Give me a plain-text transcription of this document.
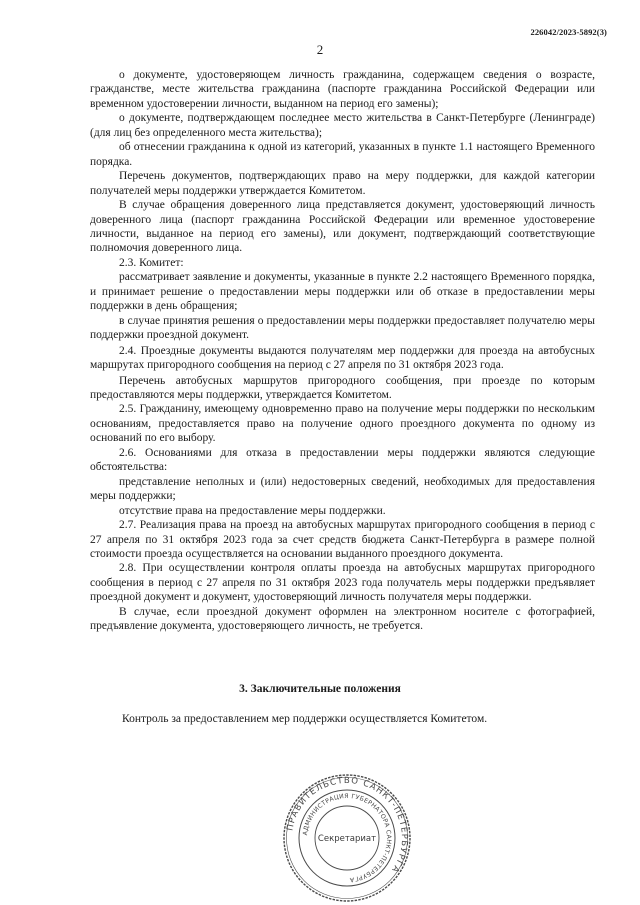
226042/2023-5892(3)
2

о документе, удостоверяющем личность гражданина, содержащем сведения о возрасте, гражданстве, месте жительства гражданина (паспорте гражданина Российской Федерации или временном удостоверении личности, выданном на период его замены);

о документе, подтверждающем последнее место жительства в Санкт-Петербурге (Ленинграде) (для лиц без определенного места жительства);

об отнесении гражданина к одной из категорий, указанных в пункте 1.1 настоящего Временного порядка.

Перечень документов, подтверждающих право на меру поддержки, для каждой категории получателей меры поддержки утверждается Комитетом.

В случае обращения доверенного лица представляется документ, удостоверяющий личность доверенного лица (паспорт гражданина Российской Федерации или временное удостоверение личности, выданное на период его замены), или документ, подтверждающий соответствующие полномочия доверенного лица.

2.3. Комитет:

рассматривает заявление и документы, указанные в пункте 2.2 настоящего Временного порядка, и принимает решение о предоставлении меры поддержки или об отказе в предоставлении меры поддержки в день обращения;

в случае принятия решения о предоставлении меры поддержки предоставляет получателю меры поддержки проездной документ.

2.4. Проездные документы выдаются получателям мер поддержки для проезда на автобусных маршрутах пригородного сообщения на период с 27 апреля по 31 октября 2023 года.

Перечень автобусных маршрутов пригородного сообщения, при проезде по которым предоставляются меры поддержки, утверждается Комитетом.

2.5. Гражданину, имеющему одновременно право на получение меры поддержки по нескольким основаниям, предоставляется право на получение одного проездного документа по одному из оснований по его выбору.

2.6. Основаниями для отказа в предоставлении меры поддержки являются следующие обстоятельства:

представление неполных и (или) недостоверных сведений, необходимых для предоставления меры поддержки;

отсутствие права на предоставление меры поддержки.

2.7. Реализация права на проезд на автобусных маршрутах пригородного сообщения в период с 27 апреля по 31 октября 2023 года за счет средств бюджета Санкт-Петербурга в размере полной стоимости проезда осуществляется на основании выданного проездного документа.

2.8. При осуществлении контроля оплаты проезда на автобусных маршрутах пригородного сообщения в период с 27 апреля по 31 октября 2023 года получатель меры поддержки предъявляет проездной документ и документ, удостоверяющий личность получателя меры поддержки.

В случае, если проездной документ оформлен на электронном носителе с фотографией, предъявление документа, удостоверяющего личность, не требуется.

3. Заключительные положения
Контроль за предоставлением мер поддержки осуществляется Комитетом.
ПРАВИТЕЛЬСТВО САНКТ-ПЕТЕРБУРГА
АДМИНИСТРАЦИЯ ГУБЕРНАТОРА САНКТ-ПЕТЕРБУРГА
Секретариат
